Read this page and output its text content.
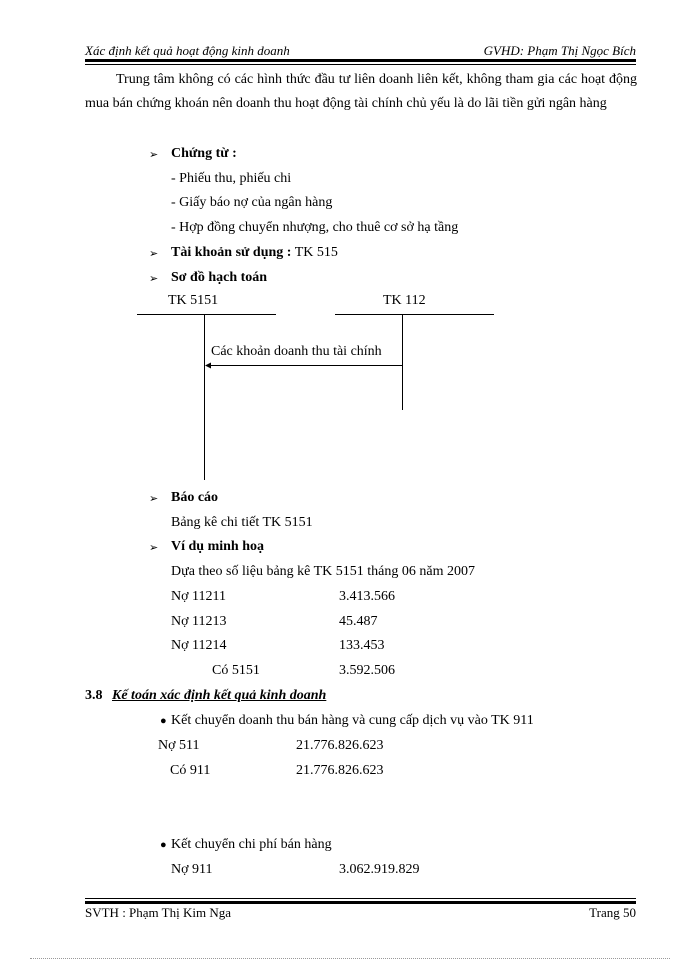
Xác định kết quả hoạt động kinh doanh	GVHD: Phạm Thị Ngọc Bích
Trung tâm không có các hình thức đầu tư liên doanh liên kết, không tham gia các hoạt động mua bán chứng khoán nên doanh thu hoạt động tài chính chủ yếu là do lãi tiền gửi ngân hàng
➢ Chứng từ :
- Phiếu thu, phiếu chi
- Giấy báo nợ của ngân hàng
- Hợp đồng chuyển nhượng, cho thuê cơ sở hạ tầng
➢ Tài khoản sử dụng : TK 515
➢ Sơ đồ hạch toán
TK 5151	TK 112
Các khoản doanh thu tài chính
➢ Báo cáo
Bảng kê chi tiết TK 5151
➢ Ví dụ minh hoạ
Dựa theo số liệu bảng kê TK 5151 tháng 06 năm 2007
Nợ 11211	3.413.566
Nợ 11213	45.487
Nợ 11214	133.453
Có 5151	3.592.506
3.8 Kế toán xác định kết quả kinh doanh
● Kết chuyển doanh thu bán hàng và cung cấp dịch vụ vào TK 911
Nợ 511	21.776.826.623
Có 911	21.776.826.623
● Kết chuyển chi phí bán hàng
Nợ 911	3.062.919.829
SVTH : Phạm Thị Kim Nga	Trang 50
